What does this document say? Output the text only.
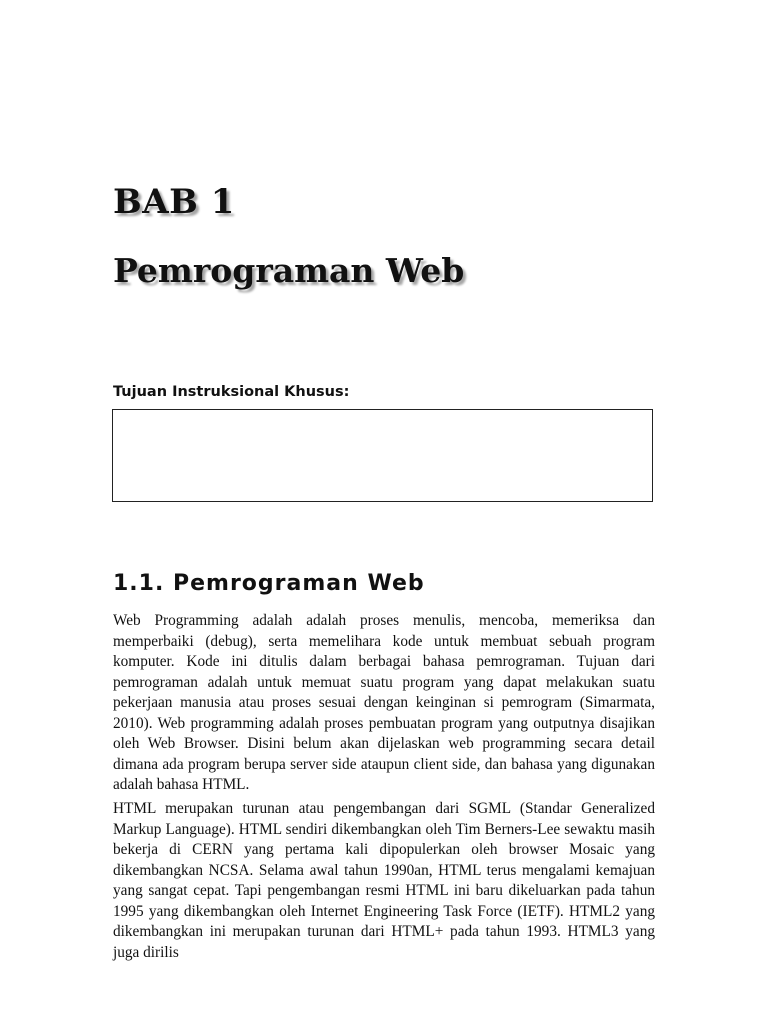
BAB 1
Pemrograman Web
Tujuan Instruksional Khusus:
1.1. Pemrograman Web

Web Programming adalah adalah proses menulis, mencoba, memeriksa dan memperbaiki (debug), serta memelihara kode untuk membuat sebuah program komputer. Kode ini ditulis dalam berbagai bahasa pemrograman. Tujuan dari pemrograman adalah untuk memuat suatu program yang dapat melakukan suatu pekerjaan manusia atau proses sesuai dengan keinginan si pemrogram (Simarmata, 2010). Web programming adalah proses pembuatan program yang outputnya disajikan oleh Web Browser. Disini belum akan dijelaskan web programming secara detail dimana ada program berupa server side ataupun client side, dan bahasa yang digunakan adalah bahasa HTML.

HTML merupakan turunan atau pengembangan dari SGML (Standar Generalized Markup Language). HTML sendiri dikembangkan oleh Tim Berners-Lee sewaktu masih bekerja di CERN yang pertama kali dipopulerkan oleh browser Mosaic yang dikembangkan NCSA. Selama awal tahun 1990an, HTML terus mengalami kemajuan yang sangat cepat. Tapi pengembangan resmi HTML ini baru dikeluarkan pada tahun 1995 yang dikembangkan oleh Internet Engineering Task Force (IETF). HTML2 yang dikembangkan ini merupakan turunan dari HTML+ pada tahun 1993. HTML3 yang juga dirilis
